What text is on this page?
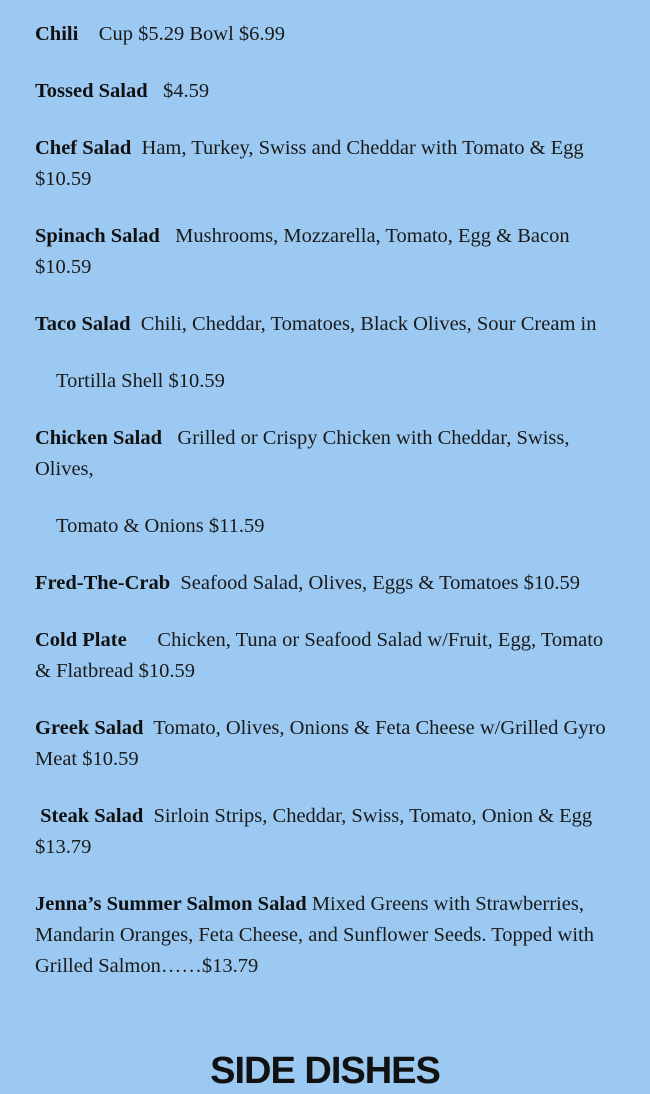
Chili Cup $5.29 Bowl $6.99

Tossed Salad $4.59

Chef Salad Ham, Turkey, Swiss and Cheddar with Tomato & Egg $10.59

Spinach Salad Mushrooms, Mozzarella, Tomato, Egg & Bacon $10.59

Taco Salad Chili, Cheddar, Tomatoes, Black Olives, Sour Cream in

Tortilla Shell $10.59

Chicken Salad Grilled or Crispy Chicken with Cheddar, Swiss, Olives,

Tomato & Onions $11.59

Fred-The-Crab Seafood Salad, Olives, Eggs & Tomatoes $10.59

Cold Plate Chicken, Tuna or Seafood Salad w/Fruit, Egg, Tomato & Flatbread $10.59

Greek Salad Tomato, Olives, Onions & Feta Cheese w/Grilled Gyro Meat $10.59

Steak Salad Sirloin Strips, Cheddar, Swiss, Tomato, Onion & Egg $13.79

Jenna’s Summer Salmon Salad Mixed Greens with Strawberries, Mandarin Oranges, Feta Cheese, and Sunflower Seeds. Topped with Grilled Salmon……$13.79

SIDE DISHES
